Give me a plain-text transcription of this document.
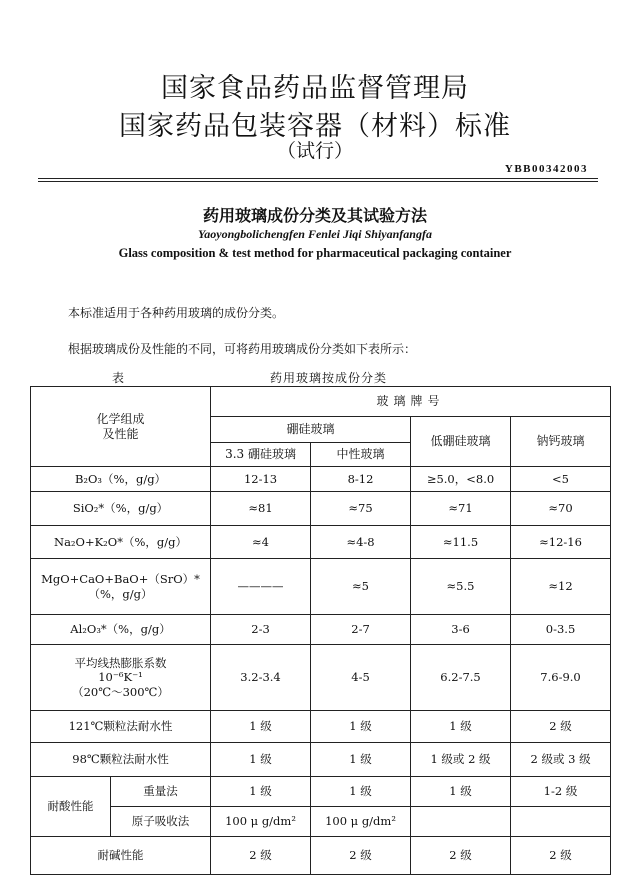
国家食品药品监督管理局
国家药品包装容器（材料）标准
（试行）
YBB00342003
药用玻璃成份分类及其试验方法
Yaoyongbolichengfen Fenlei Jiqi Shiyanfangfa
Glass composition & test method for pharmaceutical packaging container
本标准适用于各种药用玻璃的成份分类。
根据玻璃成份及性能的不同，可将药用玻璃成份分类如下表所示：
表	药用玻璃按成份分类
化学组成
及性能		玻璃牌号			
		硼硅玻璃		低硼硅玻璃	钠钙玻璃
		3.3 硼硅玻璃	中性玻璃		
B₂O₃（%，g/g）		12-13	8-12	≥5.0，<8.0	<5
SiO₂*（%，g/g）		≈81	≈75	≈71	≈70
Na₂O+K₂O*（%，g/g）		≈4	≈4-8	≈11.5	≈12-16

MgO+CaO+BaO+（SrO）*
（%，g/g）		————	≈5	≈5.5	≈12
Al₂O₃*（%，g/g）		2-3	2-7	3-6	0-3.5

平均线热膨胀系数
10⁻⁶K⁻¹
（20℃～300℃）		3.2-3.4	4-5	6.2-7.5	7.6-9.0
121℃颗粒法耐水性		1 级	1 级	1 级	2 级
98℃颗粒法耐水性		1 级	1 级	1 级或 2 级	2 级或 3 级
耐酸性能	重量法	1 级	1 级	1 级	1-2 级
	原子吸收法	100 μ g/dm²	100 μ g/dm²		
耐碱性能		2 级	2 级	2 级	2 级
